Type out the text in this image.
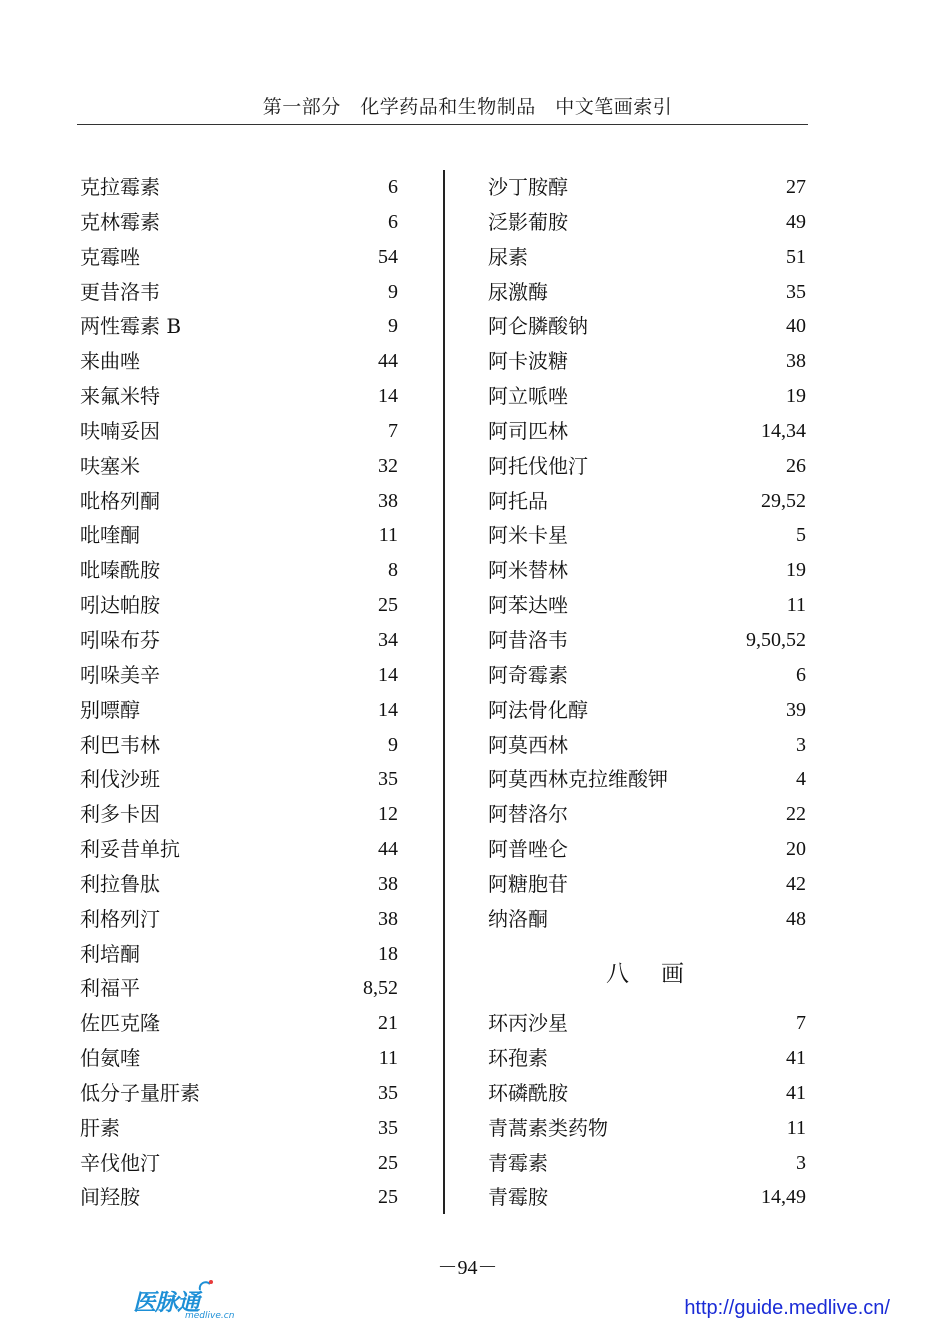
第一部分　化学药品和生物制品　中文笔画索引
克拉霉素	6
克林霉素	6
克霉唑	54
更昔洛韦	9
两性霉素 B	9
来曲唑	44
来氟米特	14
呋喃妥因	7
呋塞米	32
吡格列酮	38
吡喹酮	11
吡嗪酰胺	8
吲达帕胺	25
吲哚布芬	34
吲哚美辛	14
别嘌醇	14
利巴韦林	9
利伐沙班	35
利多卡因	12
利妥昔单抗	44
利拉鲁肽	38
利格列汀	38
利培酮	18
利福平	8,52
佐匹克隆	21
伯氨喹	11
低分子量肝素	35
肝素	35
辛伐他汀	25
间羟胺	25
沙丁胺醇	27
泛影葡胺	49
尿素	51
尿激酶	35
阿仑膦酸钠	40
阿卡波糖	38
阿立哌唑	19
阿司匹林	14,34
阿托伐他汀	26
阿托品	29,52
阿米卡星	5
阿米替林	19
阿苯达唑	11
阿昔洛韦	9,50,52
阿奇霉素	6
阿法骨化醇	39
阿莫西林	3
阿莫西林克拉维酸钾	4
阿替洛尔	22
阿普唑仑	20
阿糖胞苷	42
纳洛酮	48
八画
环丙沙星	7
环孢素	41
环磷酰胺	41
青蒿素类药物	11
青霉素	3
青霉胺	14,49
－94－
医脉通
medlive.cn	http://guide.medlive.cn/
